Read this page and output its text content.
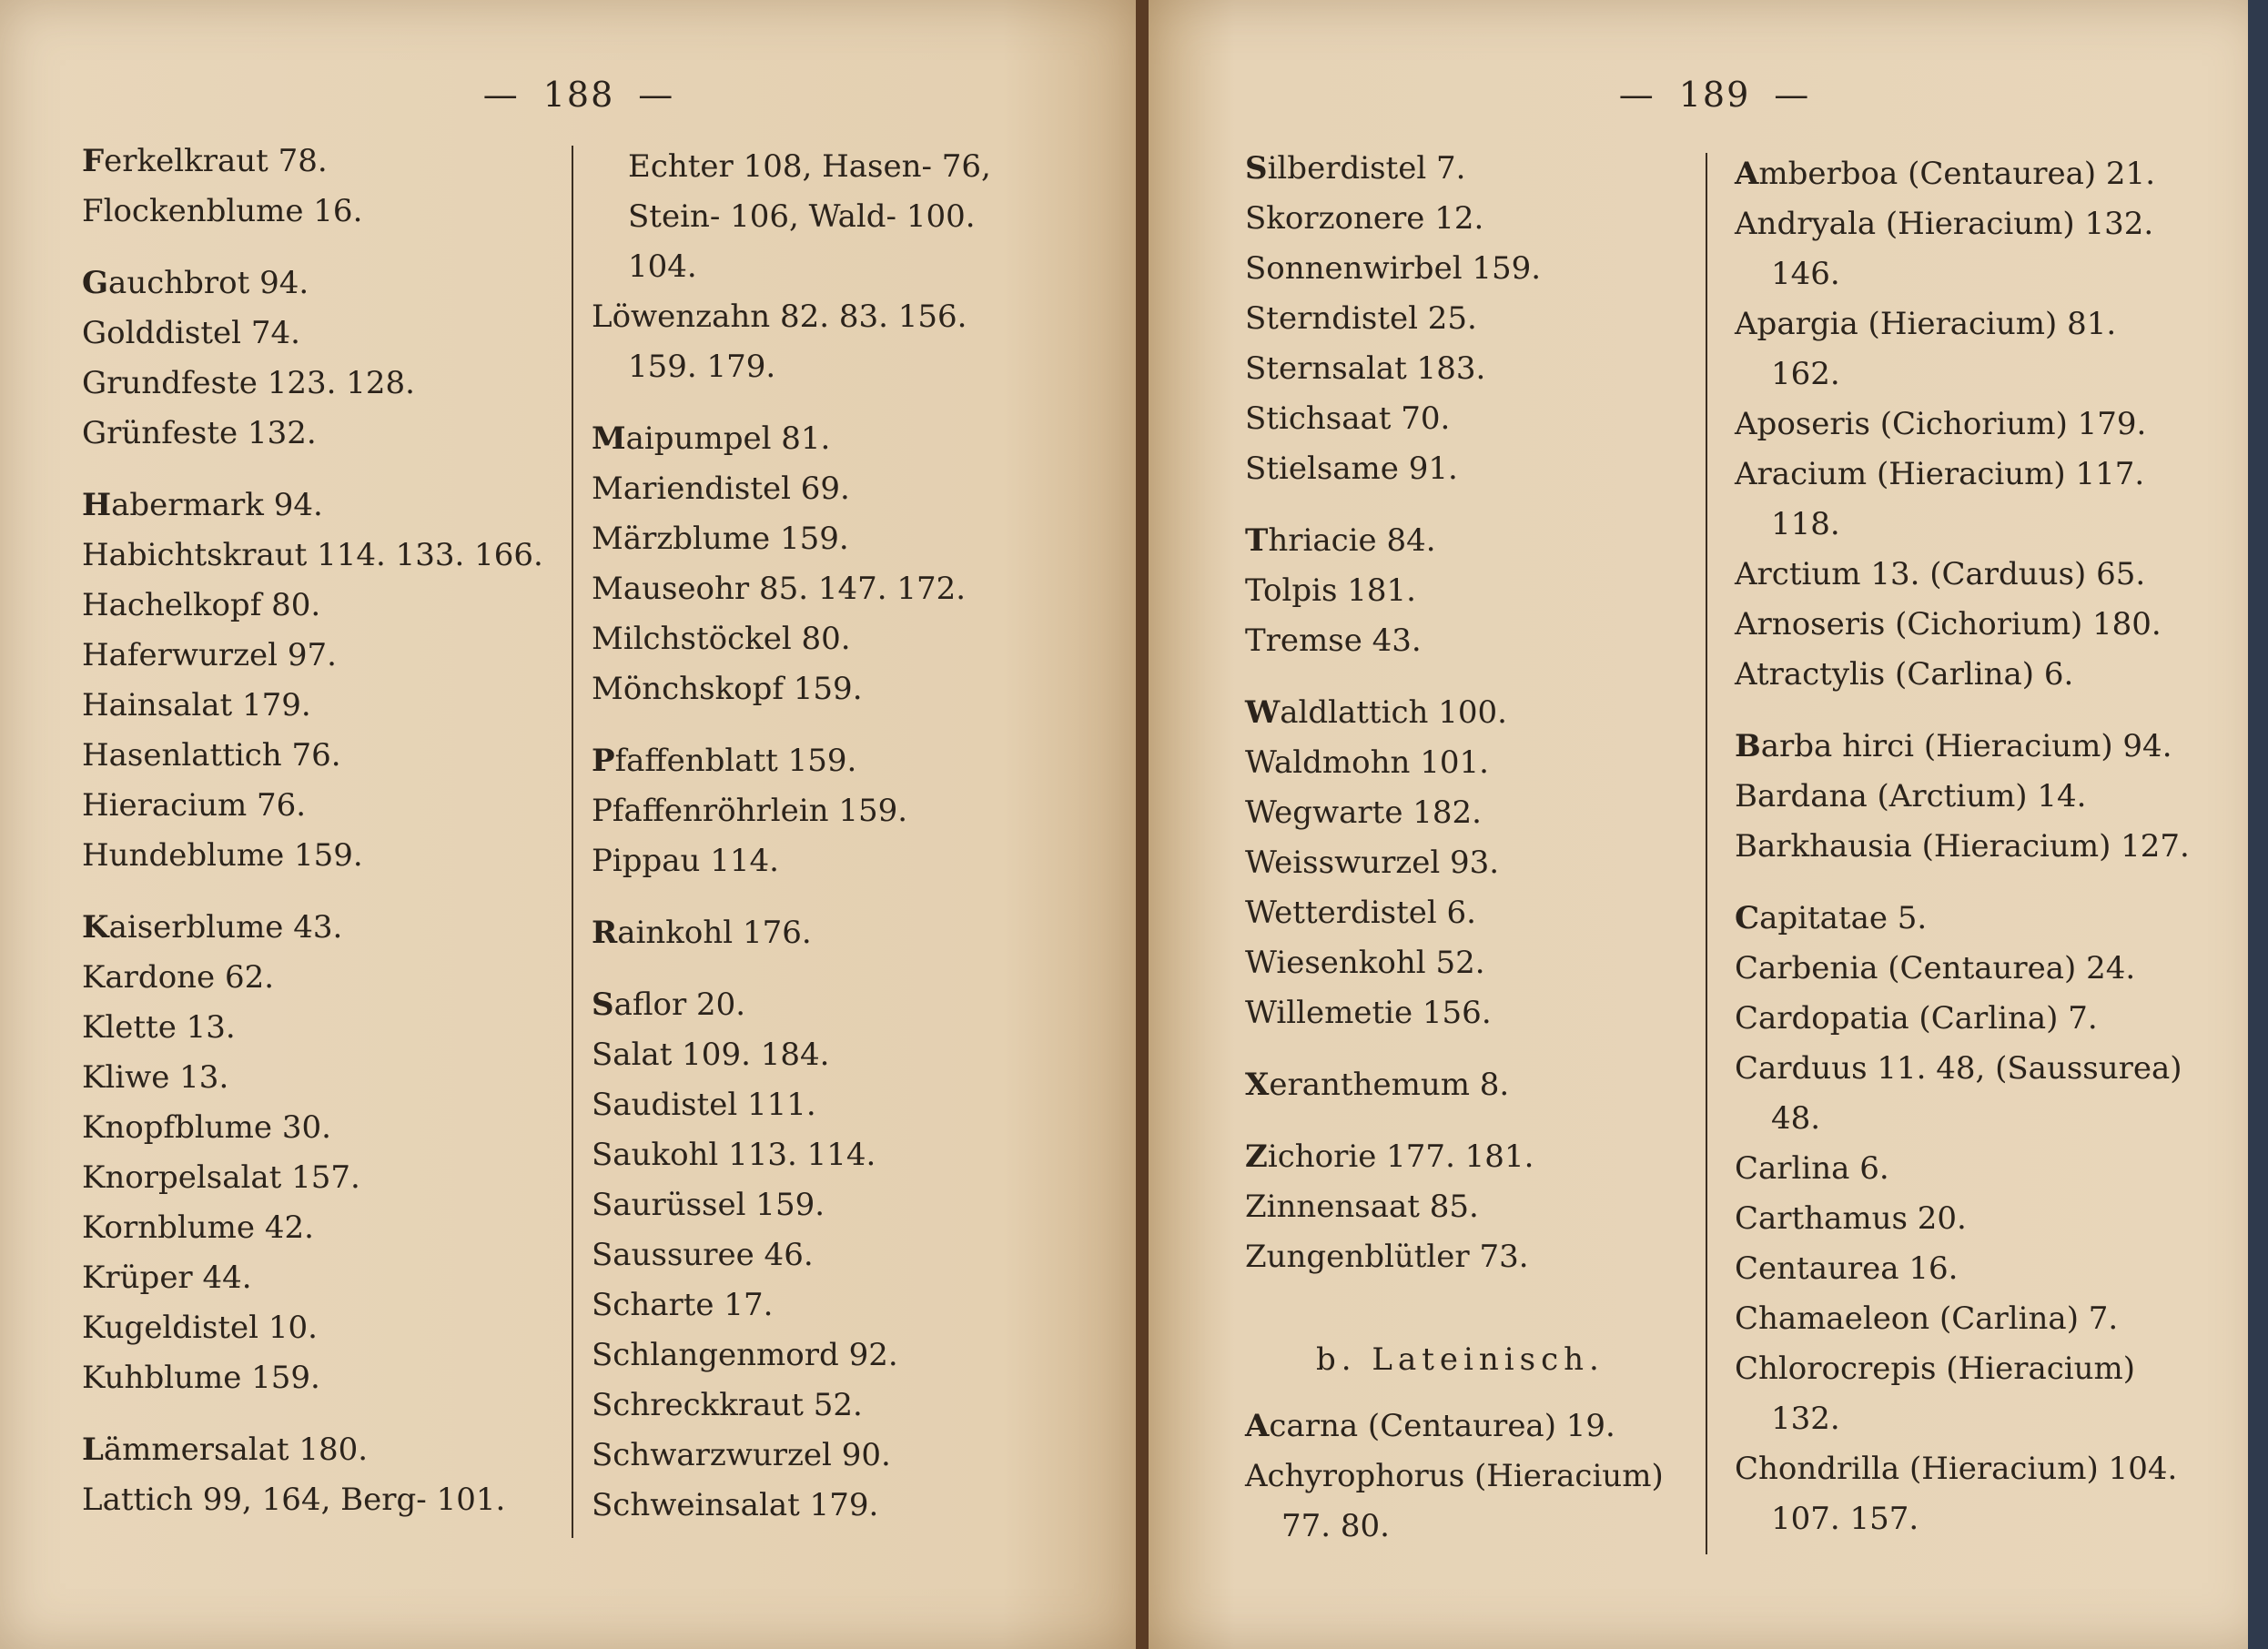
— 188 —	— 189 —
Ferkelkraut 78.
Flockenblume 16.
Gauchbrot 94.
Golddistel 74.
Grundfeste 123. 128.
Grünfeste 132.
Habermark 94.
Habichtskraut 114. 133. 166.
Hachelkopf 80.
Haferwurzel 97.
Hainsalat 179.
Hasenlattich 76.
Hieracium 76.
Hundeblume 159.
Kaiserblume 43.
Kardone 62.
Klette 13.
Kliwe 13.
Knopfblume 30.
Knorpelsalat 157.
Kornblume 42.
Krüper 44.
Kugeldistel 10.
Kuhblume 159.
Lämmersalat 180.
Lattich 99, 164, Berg- 101.
Echter 108, Hasen- 76,
Stein- 106, Wald- 100.
104.
Löwenzahn 82. 83. 156.
159. 179.
Maipumpel 81.
Mariendistel 69.
Märzblume 159.
Mauseohr 85. 147. 172.
Milchstöckel 80.
Mönchskopf 159.
Pfaffenblatt 159.
Pfaffenröhrlein 159.
Pippau 114.
Rainkohl 176.
Saflor 20.
Salat 109. 184.
Saudistel 111.
Saukohl 113. 114.
Saurüssel 159.
Saussuree 46.
Scharte 17.
Schlangenmord 92.
Schreckkraut 52.
Schwarzwurzel 90.
Schweinsalat 179.
Silberdistel 7.
Skorzonere 12.
Sonnenwirbel 159.
Sterndistel 25.
Sternsalat 183.
Stichsaat 70.
Stielsame 91.
Thriacie 84.
Tolpis 181.
Tremse 43.
Waldlattich 100.
Waldmohn 101.
Wegwarte 182.
Weisswurzel 93.
Wetterdistel 6.
Wiesenkohl 52.
Willemetie 156.
Xeranthemum 8.
Zichorie 177. 181.
Zinnensaat 85.
Zungenblütler 73.
b. Lateinisch.
Acarna (Centaurea) 19.
Achyrophorus (Hieracium)
77. 80.
Amberboa (Centaurea) 21.
Andryala (Hieracium) 132.
146.
Apargia (Hieracium) 81.
162.
Aposeris (Cichorium) 179.
Aracium (Hieracium) 117.
118.
Arctium 13. (Carduus) 65.
Arnoseris (Cichorium) 180.
Atractylis (Carlina) 6.
Barba hirci (Hieracium) 94.
Bardana (Arctium) 14.
Barkhausia (Hieracium) 127.
Capitatae 5.
Carbenia (Centaurea) 24.
Cardopatia (Carlina) 7.
Carduus 11. 48, (Saussurea)
48.
Carlina 6.
Carthamus 20.
Centaurea 16.
Chamaeleon (Carlina) 7.
Chlorocrepis (Hieracium)
132.
Chondrilla (Hieracium) 104.
107. 157.
